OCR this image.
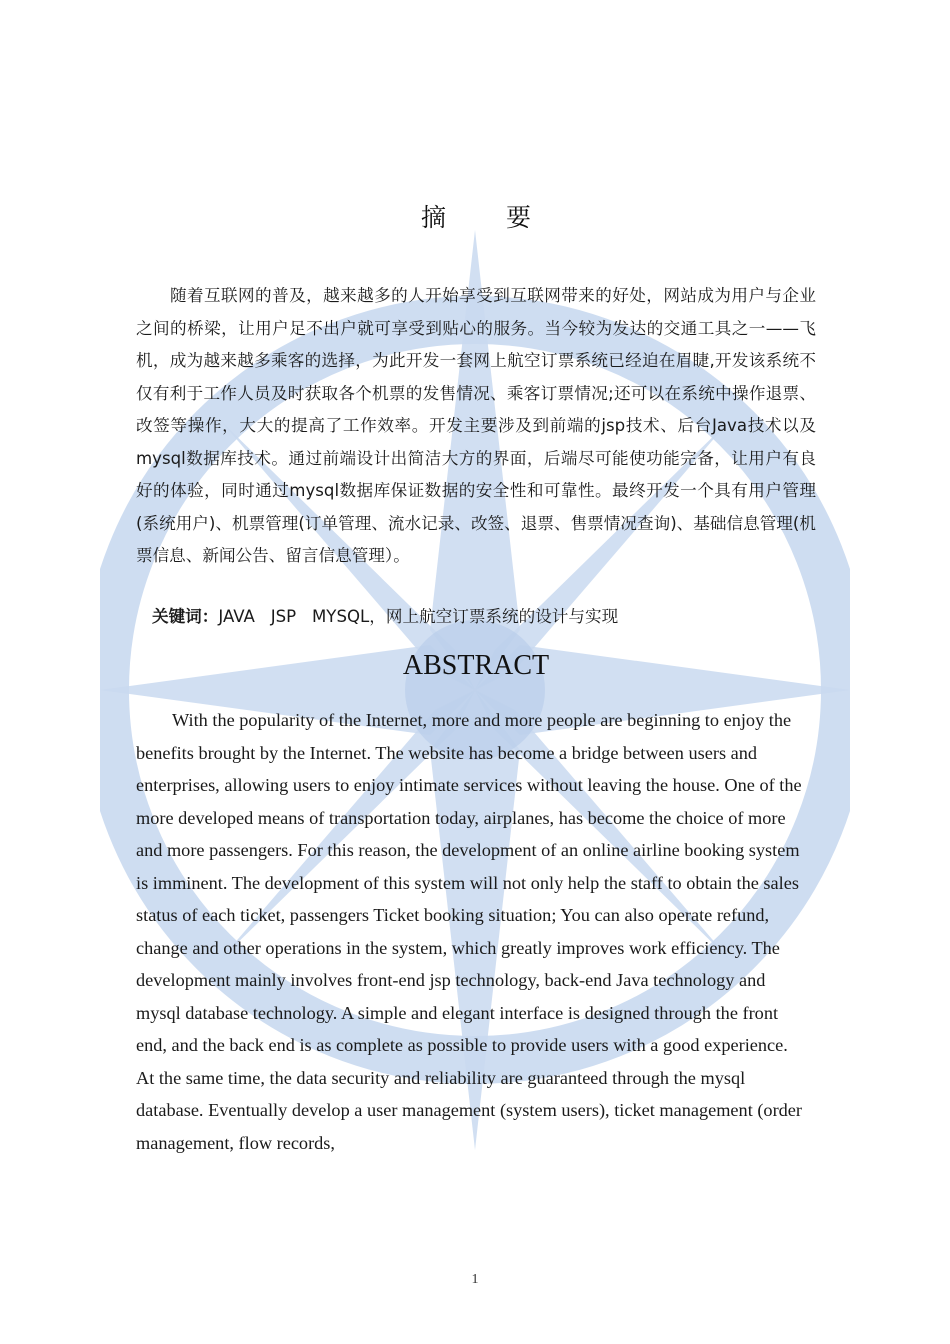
摘 要

随着互联网的普及，越来越多的人开始享受到互联网带来的好处，网站成为用户与企业之间的桥梁，让用户足不出户就可享受到贴心的服务。当今较为发达的交通工具之一——飞机，成为越来越多乘客的选择，为此开发一套网上航空订票系统已经迫在眉睫,开发该系统不仅有利于工作人员及时获取各个机票的发售情况、乘客订票情况;还可以在系统中操作退票、改签等操作，大大的提高了工作效率。开发主要涉及到前端的jsp技术、后台Java技术以及mysql数据库技术。通过前端设计出简洁大方的界面，后端尽可能使功能完备，让用户有良好的体验，同时通过mysql数据库保证数据的安全性和可靠性。最终开发一个具有用户管理(系统用户)、机票管理(订单管理、流水记录、改签、退票、售票情况查询)、基础信息管理(机票信息、新闻公告、留言信息管理）。

关键词：JAVA   JSP   MYSQL，网上航空订票系统的设计与实现
ABSTRACT

With the popularity of the Internet, more and more people are beginning to enjoy the benefits brought by the Internet. The website has become a bridge between users and enterprises, allowing users to enjoy intimate services without leaving the house. One of the more developed means of transportation today, airplanes, has become the choice of more and more passengers. For this reason, the development of an online airline booking system is imminent. The development of this system will not only help the staff to obtain the sales status of each ticket, passengers Ticket booking situation; You can also operate refund, change and other operations in the system, which greatly improves work efficiency. The development mainly involves front-end jsp technology, back-end Java technology and mysql database technology. A simple and elegant interface is designed through the front end, and the back end is as complete as possible to provide users with a good experience. At the same time, the data security and reliability are guaranteed through the mysql database. Eventually develop a user management (system users), ticket management (order management, flow records,

1
